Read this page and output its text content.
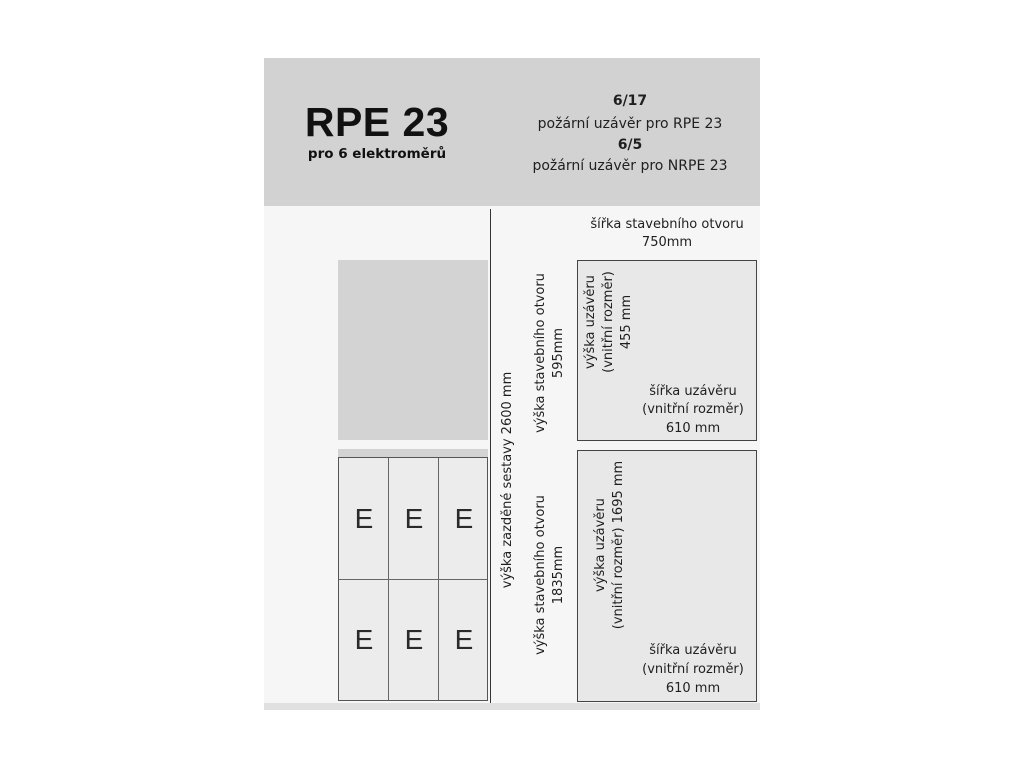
RPE 23
pro 6 elektroměrů
6/17
požární uzávěr pro RPE 23
6/5
požární uzávěr pro NRPE 23
E	E	E
E	E	E
šířka stavebního otvoru
750mm
výška zazděné sestavy 2600 mm
výška stavebního otvoru 595mm výška uzávěru (vnitřní rozměr) 455 mm
šířka uzávěru
(vnitřní rozměr)
610 mm
výška stavebního otvoru 1835mm výška uzávěru (vnitřní rozměr) 1695 mm
šířka uzávěru
(vnitřní rozměr)
610 mm
